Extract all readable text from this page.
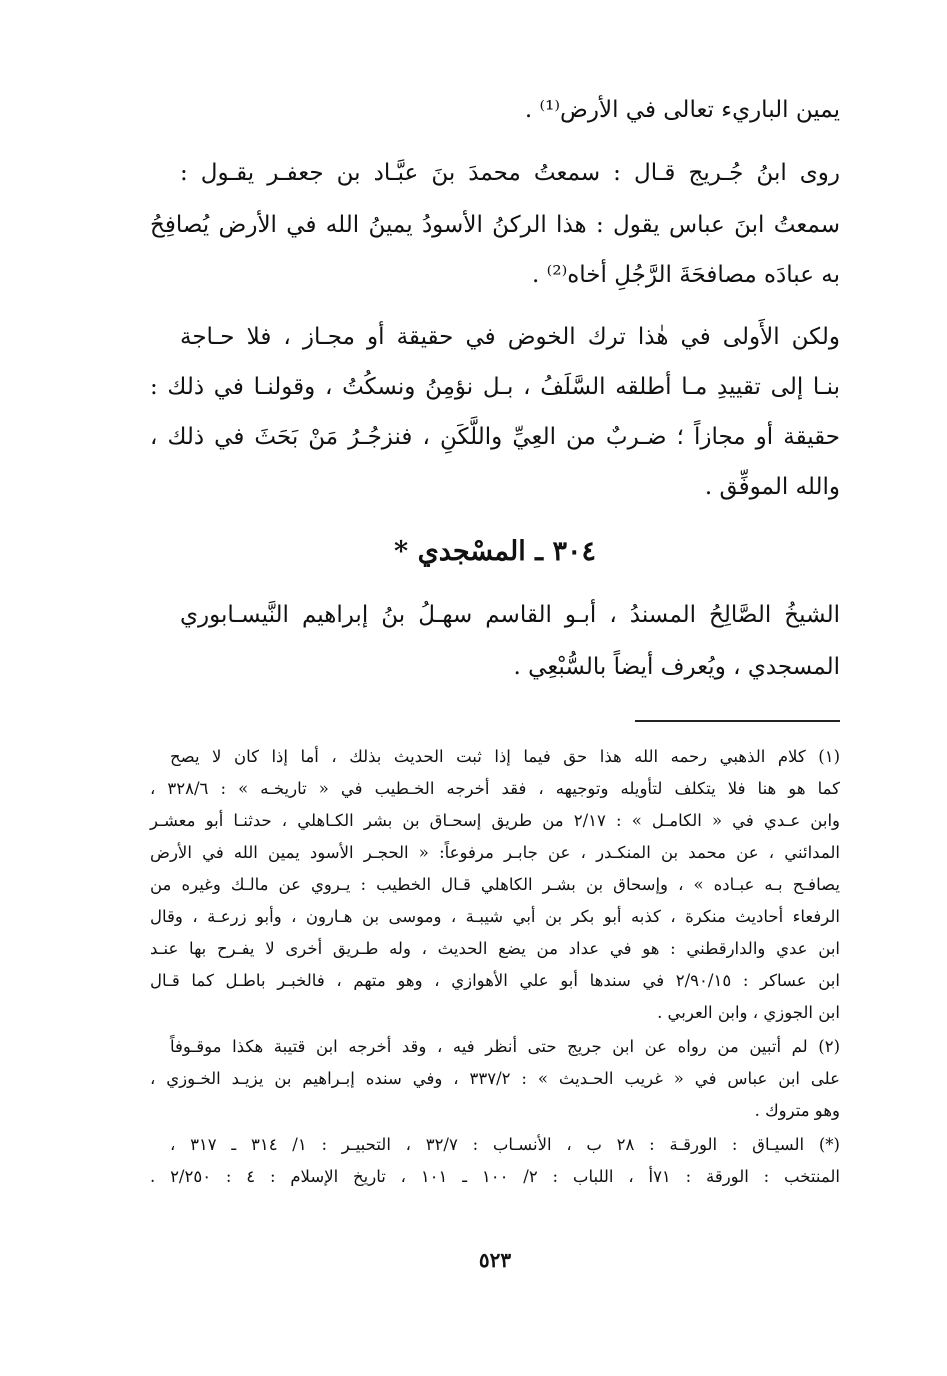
يمين الباريء تعالى في الأرض⁽¹⁾ .
روى ابنُ جُـريج قـال : سمعتُ محمدَ بنَ عبَّـاد بن جعفـر يقـول :
سمعتُ ابنَ عباس يقول : هذا الركنُ الأسودُ يمينُ الله في الأرض يُصافِحُ
به عبادَه مصافحَةَ الرَّجُلِ أخاه⁽²⁾ .
ولكن الأَولى في هٰذا ترك الخوض في حقيقة أو مجـاز ، فلا حـاجة
بنـا إلى تقييدِ مـا أطلقه السَّلَفُ ، بـل نؤمِنُ ونسكُتُ ، وقولنـا في ذلك :
حقيقة أو مجازاً ؛ ضـربٌ من العِيِّ واللَّكَنِ ، فنزجُـرُ مَنْ بَحَثَ في ذلك ،
والله الموفِّق .
٣٠٤ ـ المسْجدي *
الشيخُ الصَّالِحُ المسندُ ، أبـو القاسم سهـلُ بنُ إبراهيم النَّيسـابوري
المسجدي ، ويُعرف أيضاً بالسُّبْعِي .
(١) كلام الذهبي رحمه الله هذا حق فيما إذا ثبت الحديث بذلك ، أما إذا كان لا يصح
كما هو هنا فلا يتكلف لتأويله وتوجيهه ، فقد أخرجه الخـطيب في « تاريخـه » : ٣٢٨/٦ ،
وابن عـدي في « الكامـل » : ٢/١٧ من طريق إسحـاق بن بشر الكـاهلي ، حدثنـا أبو معشـر
المدائني ، عن محمد بن المنكـدر ، عن جابـر مرفوعاً: « الحجـر الأسود يمين الله في الأرض
يصافـح بـه عبـاده » ، وإسحاق بن بشـر الكاهلي قـال الخطيب : يـروي عن مالـك وغيره من
الرفعاء أحاديث منكرة ، كذبه أبو بكر بن أبي شيبـة ، وموسى بن هـارون ، وأبو زرعـة ، وقال
ابن عدي والدارقطني : هو في عداد من يضع الحديث ، وله طـريق أخرى لا يفـرح بها عنـد
ابن عساكر : ٢/٩٠/١٥ في سندها أبو علي الأهوازي ، وهو متهم ، فالخبـر باطـل كما قـال
ابن الجوزي ، وابن العربي .
(٢) لم أتبين من رواه عن ابن جريج حتى أنظر فيه ، وقد أخرجه ابن قتيبة هكذا موقـوفاً
على ابن عباس في « غريب الحـديث » : ٣٣٧/٢ ، وفي سنده إبـراهيم بن يزيـد الخـوزي ،
وهو متروك .
(*) السيـاق : الورقـة : ٢٨ ب ، الأنسـاب : ٣٢/٧ ، التحبيـر : ١/ ٣١٤ ـ ٣١٧ ،
المنتخب : الورقة : ٧١أ ، اللباب : ٢/ ١٠٠ ـ ١٠١ ، تاريخ الإسلام : ٤ : ٢/٢٥٠ .
٥٢٣
